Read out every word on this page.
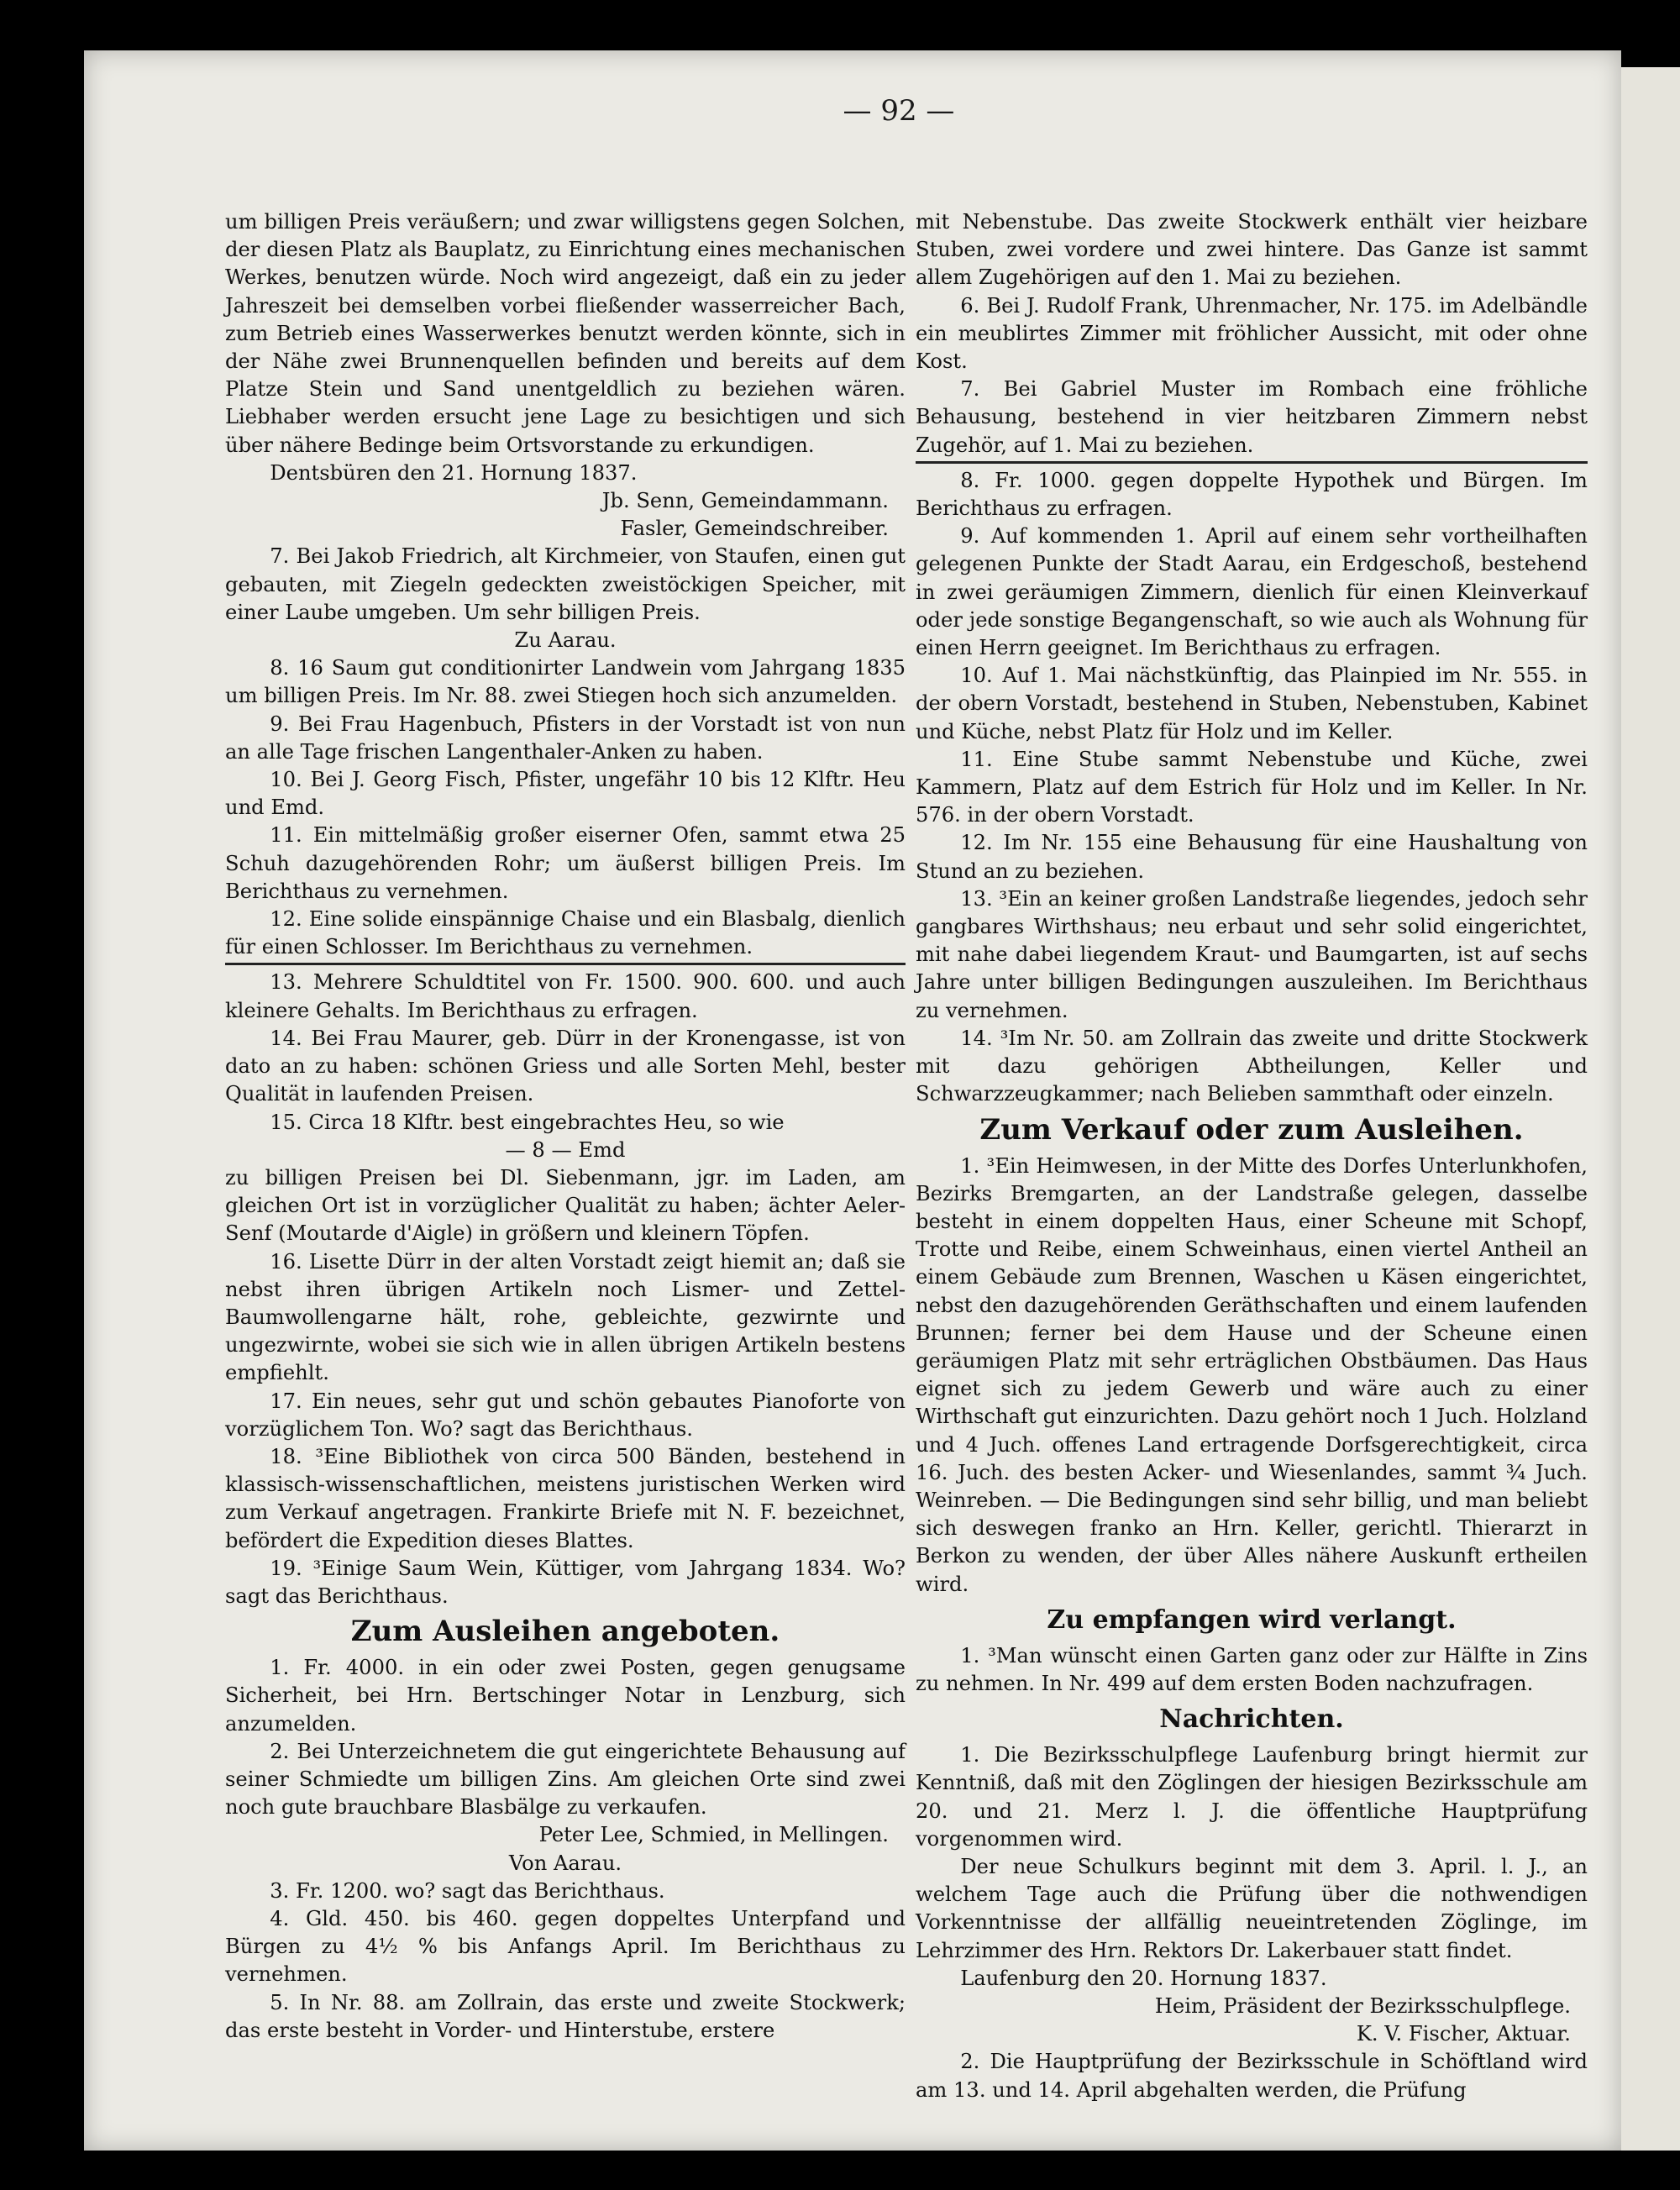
— 92 —

um billigen Preis veräußern; und zwar willigstens gegen Solchen, der diesen Platz als Bauplatz, zu Einrichtung eines mechanischen Werkes, benutzen würde. Noch wird angezeigt, daß ein zu jeder Jahreszeit bei demselben vorbei fließender wasserreicher Bach, zum Betrieb eines Wasserwerkes benutzt werden könnte, sich in der Nähe zwei Brunnenquellen befinden und bereits auf dem Platze Stein und Sand unentgeldlich zu beziehen wären. Liebhaber werden ersucht jene Lage zu besichtigen und sich über nähere Bedinge beim Ortsvorstande zu erkundigen.

Dentsbüren den 21. Hornung 1837.

Jb. Senn, Gemeindammann.

Fasler, Gemeindschreiber.

7. Bei Jakob Friedrich, alt Kirchmeier, von Staufen, einen gut gebauten, mit Ziegeln gedeckten zweistöckigen Speicher, mit einer Laube umgeben. Um sehr billigen Preis.

Zu Aarau.

8. 16 Saum gut conditionirter Landwein vom Jahrgang 1835 um billigen Preis. Im Nr. 88. zwei Stiegen hoch sich anzumelden.

9. Bei Frau Hagenbuch, Pfisters in der Vorstadt ist von nun an alle Tage frischen Langenthaler-Anken zu haben.

10. Bei J. Georg Fisch, Pfister, ungefähr 10 bis 12 Klftr. Heu und Emd.

11. Ein mittelmäßig großer eiserner Ofen, sammt etwa 25 Schuh dazugehörenden Rohr; um äußerst billigen Preis. Im Berichthaus zu vernehmen.

12. Eine solide einspännige Chaise und ein Blasbalg, dienlich für einen Schlosser. Im Berichthaus zu vernehmen.

13. Mehrere Schuldtitel von Fr. 1500. 900. 600. und auch kleinere Gehalts. Im Berichthaus zu erfragen.

14. Bei Frau Maurer, geb. Dürr in der Kronengasse, ist von dato an zu haben: schönen Griess und alle Sorten Mehl, bester Qualität in laufenden Preisen.

15. Circa 18 Klftr. best eingebrachtes Heu, so wie

— 8 — Emd

zu billigen Preisen bei Dl. Siebenmann, jgr. im Laden, am gleichen Ort ist in vorzüglicher Qualität zu haben; ächter Aeler-Senf (Moutarde d'Aigle) in größern und kleinern Töpfen.

16. Lisette Dürr in der alten Vorstadt zeigt hiemit an; daß sie nebst ihren übrigen Artikeln noch Lismer- und Zettel-Baumwollengarne hält, rohe, gebleichte, gezwirnte und ungezwirnte, wobei sie sich wie in allen übrigen Artikeln bestens empfiehlt.

17. Ein neues, sehr gut und schön gebautes Pianoforte von vorzüglichem Ton. Wo? sagt das Berichthaus.

18. ³Eine Bibliothek von circa 500 Bänden, bestehend in klassisch-wissenschaftlichen, meistens juristischen Werken wird zum Verkauf angetragen. Frankirte Briefe mit N. F. bezeichnet, befördert die Expedition dieses Blattes.

19. ³Einige Saum Wein, Küttiger, vom Jahrgang 1834. Wo? sagt das Berichthaus.

Zum Ausleihen angeboten.

1. Fr. 4000. in ein oder zwei Posten, gegen genugsame Sicherheit, bei Hrn. Bertschinger Notar in Lenzburg, sich anzumelden.

2. Bei Unterzeichnetem die gut eingerichtete Behausung auf seiner Schmiedte um billigen Zins. Am gleichen Orte sind zwei noch gute brauchbare Blasbälge zu verkaufen.

Peter Lee, Schmied, in Mellingen.

Von Aarau.

3. Fr. 1200. wo? sagt das Berichthaus.

4. Gld. 450. bis 460. gegen doppeltes Unterpfand und Bürgen zu 4½ % bis Anfangs April. Im Berichthaus zu vernehmen.

5. In Nr. 88. am Zollrain, das erste und zweite Stockwerk; das erste besteht in Vorder- und Hinterstube, erstere

mit Nebenstube. Das zweite Stockwerk enthält vier heizbare Stuben, zwei vordere und zwei hintere. Das Ganze ist sammt allem Zugehörigen auf den 1. Mai zu beziehen.

6. Bei J. Rudolf Frank, Uhrenmacher, Nr. 175. im Adelbändle ein meublirtes Zimmer mit fröhlicher Aussicht, mit oder ohne Kost.

7. Bei Gabriel Muster im Rombach eine fröhliche Behausung, bestehend in vier heitzbaren Zimmern nebst Zugehör, auf 1. Mai zu beziehen.

8. Fr. 1000. gegen doppelte Hypothek und Bürgen. Im Berichthaus zu erfragen.

9. Auf kommenden 1. April auf einem sehr vortheilhaften gelegenen Punkte der Stadt Aarau, ein Erdgeschoß, bestehend in zwei geräumigen Zimmern, dienlich für einen Kleinverkauf oder jede sonstige Begangenschaft, so wie auch als Wohnung für einen Herrn geeignet. Im Berichthaus zu erfragen.

10. Auf 1. Mai nächstkünftig, das Plainpied im Nr. 555. in der obern Vorstadt, bestehend in Stuben, Nebenstuben, Kabinet und Küche, nebst Platz für Holz und im Keller.

11. Eine Stube sammt Nebenstube und Küche, zwei Kammern, Platz auf dem Estrich für Holz und im Keller. In Nr. 576. in der obern Vorstadt.

12. Im Nr. 155 eine Behausung für eine Haushaltung von Stund an zu beziehen.

13. ³Ein an keiner großen Landstraße liegendes, jedoch sehr gangbares Wirthshaus; neu erbaut und sehr solid eingerichtet, mit nahe dabei liegendem Kraut- und Baumgarten, ist auf sechs Jahre unter billigen Bedingungen auszuleihen. Im Berichthaus zu vernehmen.

14. ³Im Nr. 50. am Zollrain das zweite und dritte Stockwerk mit dazu gehörigen Abtheilungen, Keller und Schwarzzeugkammer; nach Belieben sammthaft oder einzeln.

Zum Verkauf oder zum Ausleihen.

1. ³Ein Heimwesen, in der Mitte des Dorfes Unterlunkhofen, Bezirks Bremgarten, an der Landstraße gelegen, dasselbe besteht in einem doppelten Haus, einer Scheune mit Schopf, Trotte und Reibe, einem Schweinhaus, einen viertel Antheil an einem Gebäude zum Brennen, Waschen u Käsen eingerichtet, nebst den dazugehörenden Geräthschaften und einem laufenden Brunnen; ferner bei dem Hause und der Scheune einen geräumigen Platz mit sehr erträglichen Obstbäumen. Das Haus eignet sich zu jedem Gewerb und wäre auch zu einer Wirthschaft gut einzurichten. Dazu gehört noch 1 Juch. Holzland und 4 Juch. offenes Land ertragende Dorfsgerechtigkeit, circa 16. Juch. des besten Acker- und Wiesenlandes, sammt ¾ Juch. Weinreben. — Die Bedingungen sind sehr billig, und man beliebt sich deswegen franko an Hrn. Keller, gerichtl. Thierarzt in Berkon zu wenden, der über Alles nähere Auskunft ertheilen wird.

Zu empfangen wird verlangt.

1. ³Man wünscht einen Garten ganz oder zur Hälfte in Zins zu nehmen. In Nr. 499 auf dem ersten Boden nachzufragen.

Nachrichten.

1. Die Bezirksschulpflege Laufenburg bringt hiermit zur Kenntniß, daß mit den Zöglingen der hiesigen Bezirksschule am 20. und 21. Merz l. J. die öffentliche Hauptprüfung vorgenommen wird.

Der neue Schulkurs beginnt mit dem 3. April. l. J., an welchem Tage auch die Prüfung über die nothwendigen Vorkenntnisse der allfällig neueintretenden Zöglinge, im Lehrzimmer des Hrn. Rektors Dr. Lakerbauer statt findet.

Laufenburg den 20. Hornung 1837.

Heim, Präsident der Bezirksschulpflege.

K. V. Fischer, Aktuar.

2. Die Hauptprüfung der Bezirksschule in Schöftland wird am 13. und 14. April abgehalten werden, die Prüfung
